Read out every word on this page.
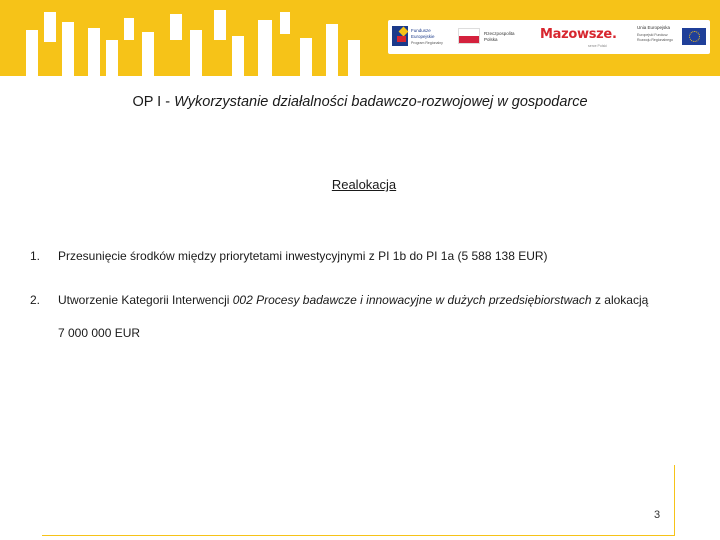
Fundusze
Europejskie
Program Regionalny
Rzeczpospolita
Polska	Mazowsze.
serce Polski
Unia Europejska
Europejski Fundusz
Rozwoju Regionalnego
OP I - Wykorzystanie działalności badawczo-rozwojowej w gospodarce
Realokacja
1. Przesunięcie środków między priorytetami inwestycyjnymi z PI 1b do PI 1a (5 588 138 EUR)
2. Utworzenie Kategorii Interwencji 002 Procesy badawcze i innowacyjne w dużych przedsiębiorstwach z alokacją
7 000 000 EUR
3
